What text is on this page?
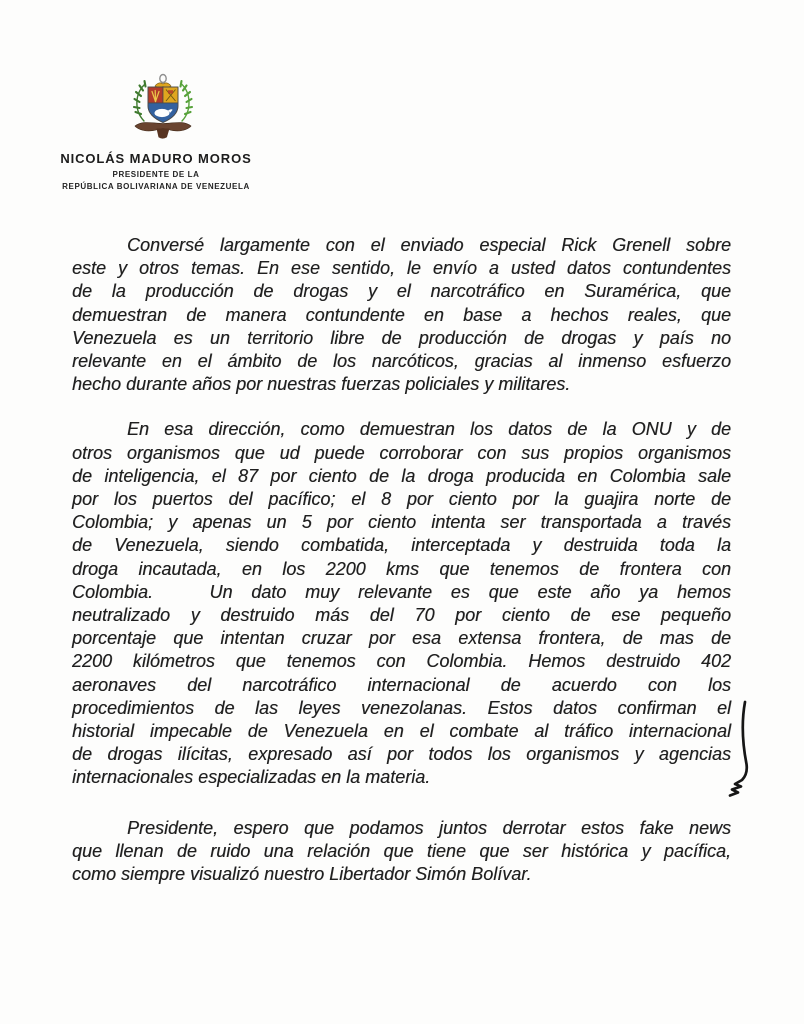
NICOLÁS MADURO MOROS
PRESIDENTE DE LA
REPÚBLICA BOLIVARIANA DE VENEZUELA
Conversé largamente con el enviado especial Rick Grenell sobre
este y otros temas. En ese sentido, le envío a usted datos contundentes
de la producción de drogas y el narcotráfico en Suramérica, que
demuestran de manera contundente en base a hechos reales, que
Venezuela es un territorio libre de producción de drogas y país no
relevante en el ámbito de los narcóticos, gracias al inmenso esfuerzo
hecho durante años por nuestras fuerzas policiales y militares.
En esa dirección, como demuestran los datos de la ONU y de
otros organismos que ud puede corroborar con sus propios organismos
de inteligencia, el 87 por ciento de la droga producida en Colombia sale
por los puertos del pacífico; el 8 por ciento por la guajira norte de
Colombia; y apenas un 5 por ciento intenta ser transportada a través
de Venezuela, siendo combatida, interceptada y destruida toda la
droga incautada, en los 2200 kms que tenemos de frontera con
Colombia.   Un dato muy relevante es que este año ya hemos
neutralizado y destruido más del 70 por ciento de ese pequeño
porcentaje que intentan cruzar por esa extensa frontera, de mas de
2200 kilómetros que tenemos con Colombia. Hemos destruido 402
aeronaves del narcotráfico internacional de acuerdo con los
procedimientos de las leyes venezolanas. Estos datos confirman el
historial impecable de Venezuela en el combate al tráfico internacional
de drogas ilícitas, expresado así por todos los organismos y agencias
internacionales especializadas en la materia.
Presidente, espero que podamos juntos derrotar estos fake news
que llenan de ruido una relación que tiene que ser histórica y pacífica,
como siempre visualizó nuestro Libertador Simón Bolívar.
